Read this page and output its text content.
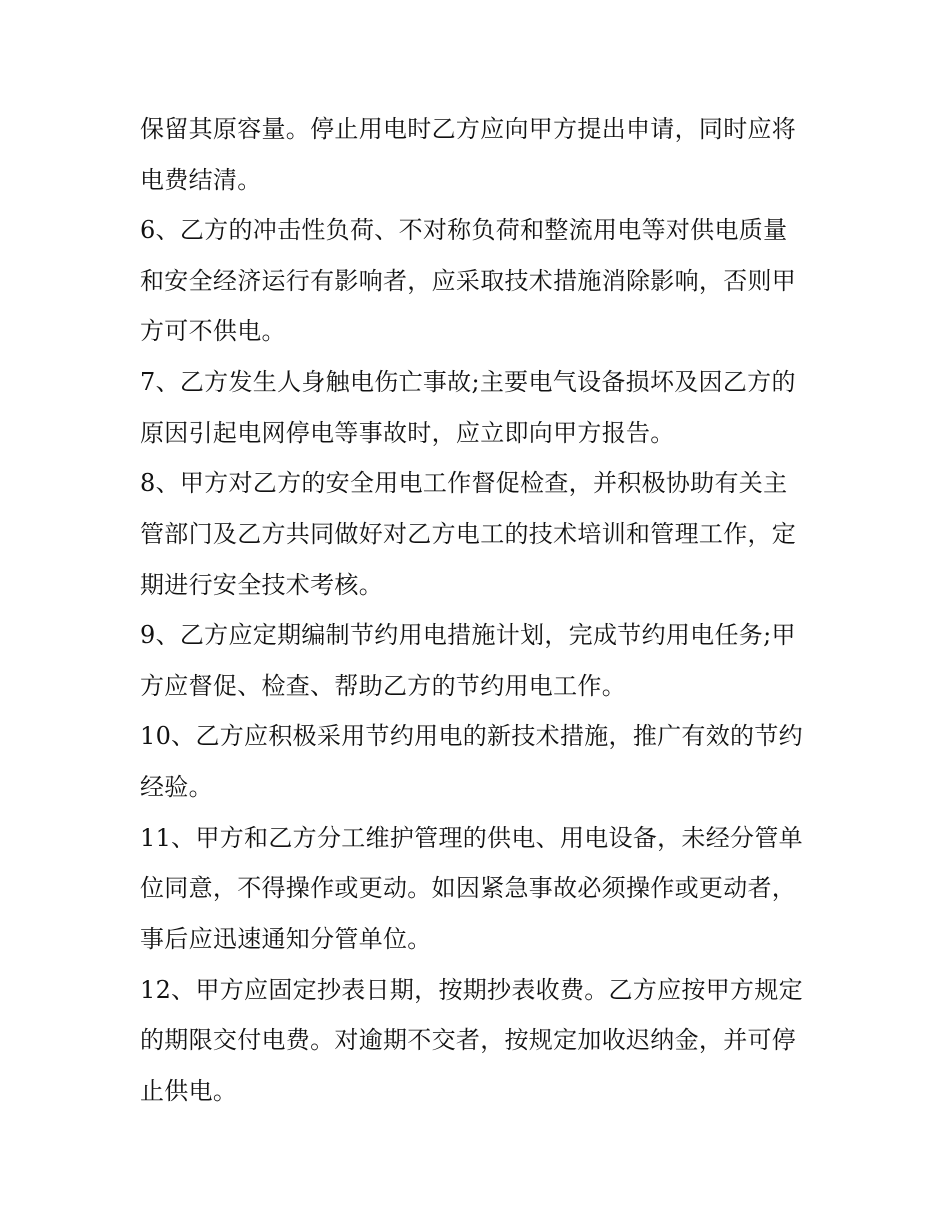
保留其原容量。停止用电时乙方应向甲方提出申请，同时应将
电费结清。
6、乙方的冲击性负荷、不对称负荷和整流用电等对供电质量
和安全经济运行有影响者，应采取技术措施消除影响，否则甲
方可不供电。
7、乙方发生人身触电伤亡事故;主要电气设备损坏及因乙方的
原因引起电网停电等事故时，应立即向甲方报告。
8、甲方对乙方的安全用电工作督促检查，并积极协助有关主
管部门及乙方共同做好对乙方电工的技术培训和管理工作，定
期进行安全技术考核。
9、乙方应定期编制节约用电措施计划，完成节约用电任务;甲
方应督促、检查、帮助乙方的节约用电工作。
10、乙方应积极采用节约用电的新技术措施，推广有效的节约
经验。
11、甲方和乙方分工维护管理的供电、用电设备，未经分管单
位同意，不得操作或更动。如因紧急事故必须操作或更动者，
事后应迅速通知分管单位。
12、甲方应固定抄表日期，按期抄表收费。乙方应按甲方规定
的期限交付电费。对逾期不交者，按规定加收迟纳金，并可停
止供电。
